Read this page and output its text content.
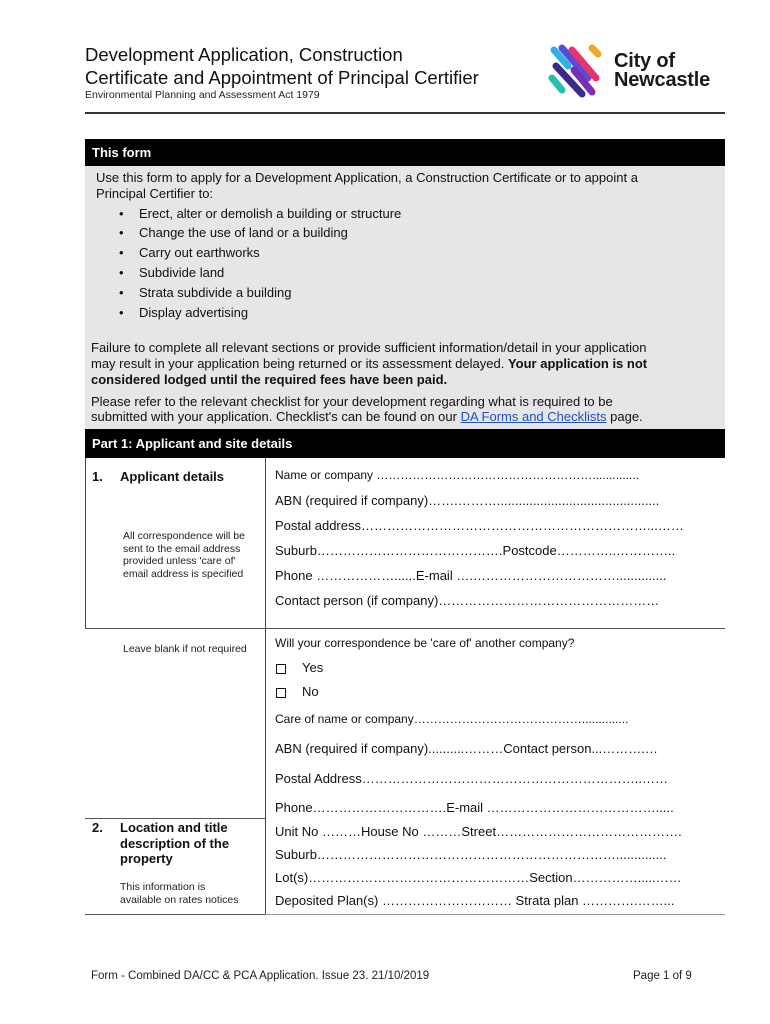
Development Application, Construction
Certificate and Appointment of Principal Certifier
Environmental Planning and Assessment Act 1979
City of
Newcastle
This form
Use this form to apply for a Development Application, a Construction Certificate or to appoint a
Principal Certifier to:
• Erect, alter or demolish a building or structure
• Change the use of land or a building
• Carry out earthworks
• Subdivide land
• Strata subdivide a building
• Display advertising
Failure to complete all relevant sections or provide sufficient information/detail in your application
may result in your application being returned or its assessment delayed. Your application is not
considered lodged until the required fees have been paid.
Please refer to the relevant checklist for your development regarding what is required to be
submitted with your application. Checklist's can be found on our DA Forms and Checklists page.
Part 1: Applicant and site details
1. Applicant details
All correspondence will be
sent to the email address
provided unless 'care of'
email address is specified
Name or company ………………………………………………..............
ABN (required if company)…….……….............................................
Postal address…………………………………………………………...……
Suburb…………………………………….Postcode…………..…………..
Phone ………………......E-mail ….……………………………..............
Contact person (if company)……………………………………………
Leave blank if not required Will your correspondence be 'care of' another company?
Yes
No
Care of name or company……………………………………..............
ABN (required if company)..........………Contact person...……….…
Postal Address………………………………………………………..……
Phone………………………….E-mail ………………………………….....
2. Location and title
description of the
property
This information is
available on rates notices
Unit No ………House No ………Street…………………………………….
Suburb……………………………………………………………..............
Lot(s)……………………………………………Section…………….....……
Deposited Plan(s) ………………………… Strata plan ………….……...
Form - Combined DA/CC & PCA Application. Issue 23. 21/10/2019	Page 1 of 9
